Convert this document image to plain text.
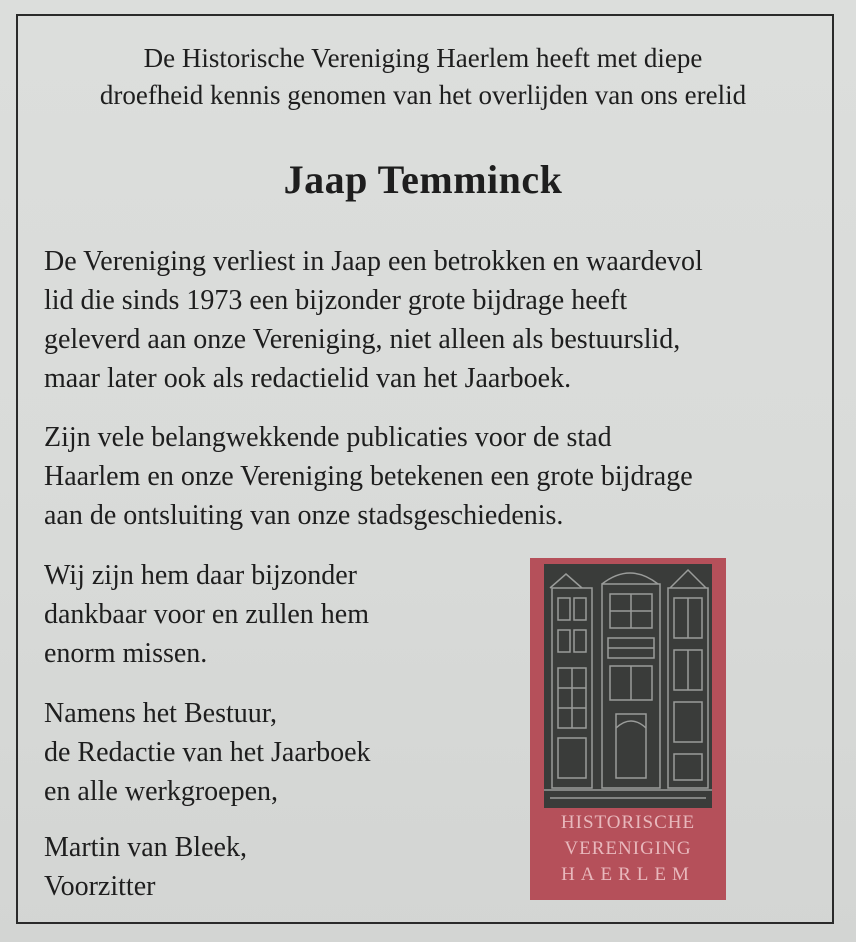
De Historische Vereniging Haerlem heeft met diepe
droefheid kennis genomen van het overlijden van ons erelid
Jaap Temminck
De Vereniging verliest in Jaap een betrokken en waardevol
lid die sinds 1973 een bijzonder grote bijdrage heeft
geleverd aan onze Vereniging, niet alleen als bestuurslid,
maar later ook als redactielid van het Jaarboek.
Zijn vele belangwekkende publicaties voor de stad
Haarlem en onze Vereniging betekenen een grote bijdrage
aan de ontsluiting van onze stadsgeschiedenis.
Wij zijn hem daar bijzonder
dankbaar voor en zullen hem
enorm missen.
Namens het Bestuur,
de Redactie van het Jaarboek
en alle werkgroepen,
Martin van Bleek,
Voorzitter
HISTORISCHE
VERENIGING
HAERLEM
